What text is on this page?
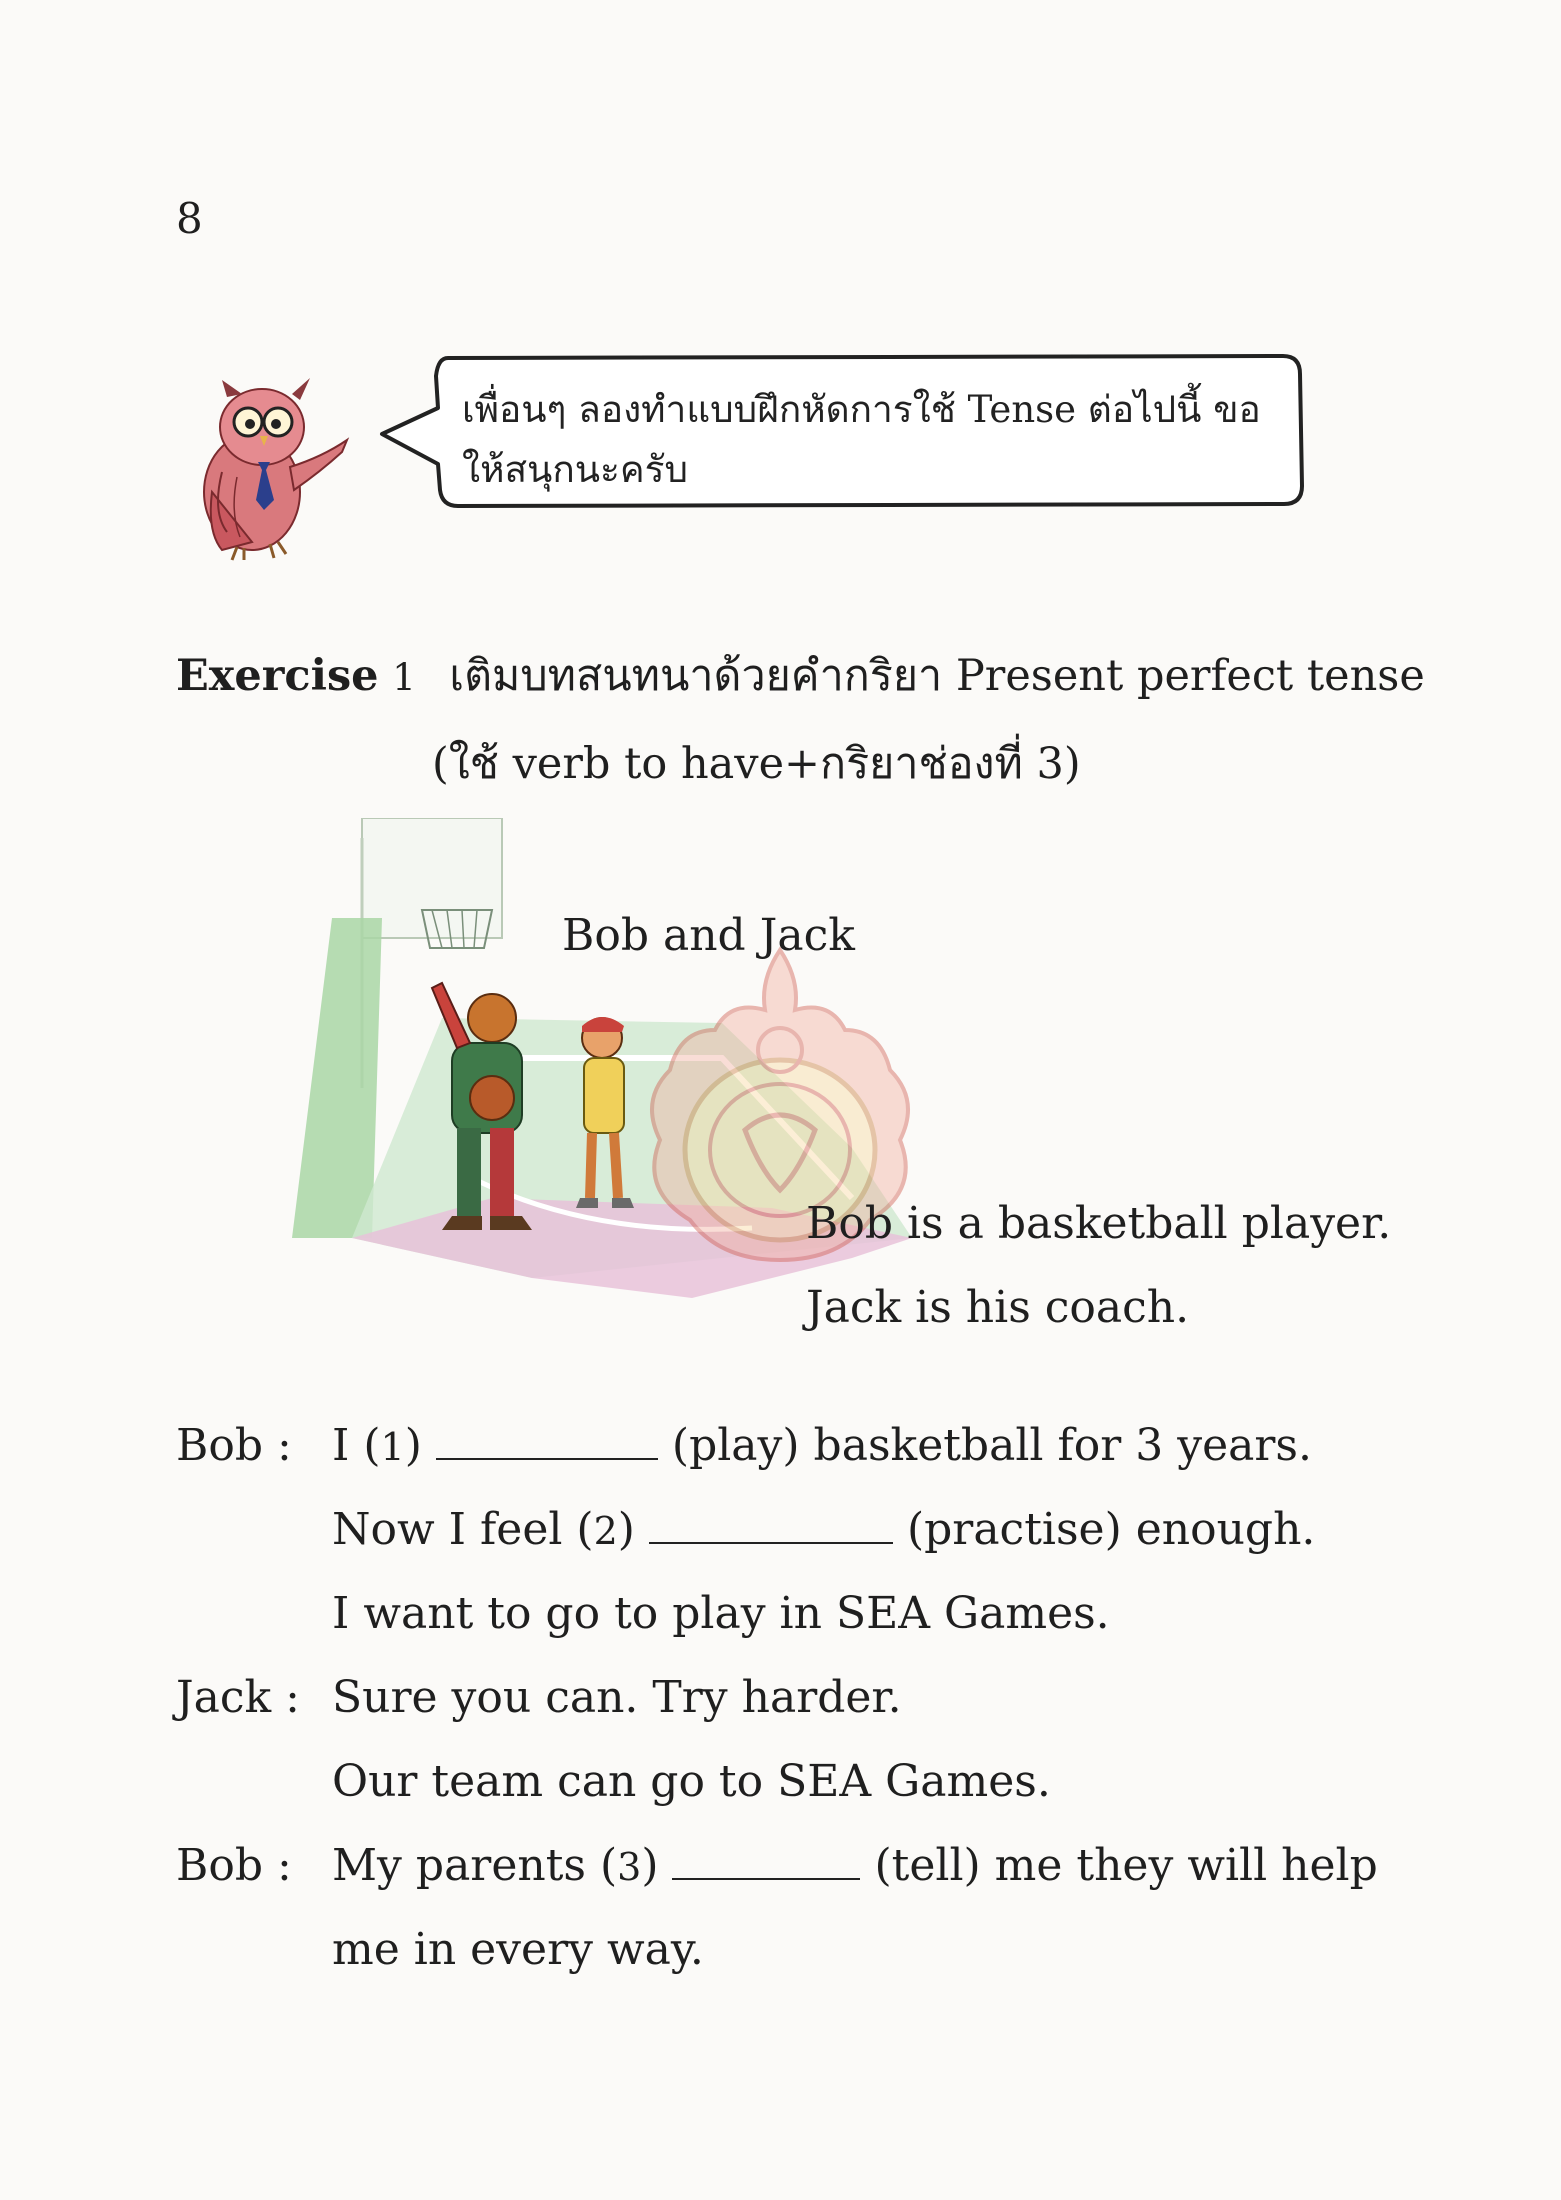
8
เพื่อนๆ ลองทำแบบฝึกหัดการใช้ Tense ต่อไปนี้ ขอให้สนุกนะครับ
Exercise 1 เติมบทสนทนาด้วยคำกริยา Present perfect tense
(ใช้ verb to have+กริยาช่องที่ 3)
Bob and Jack
Bob is a basketball player.
Jack is his coach.
Bob : I (1)	(play) basketball for 3 years.
Now I feel (2)	(practise) enough.
I want to go to play in SEA Games.
Jack : Sure you can. Try harder.
Our team can go to SEA Games.
Bob : My parents (3)	(tell) me they will help
me in every way.
